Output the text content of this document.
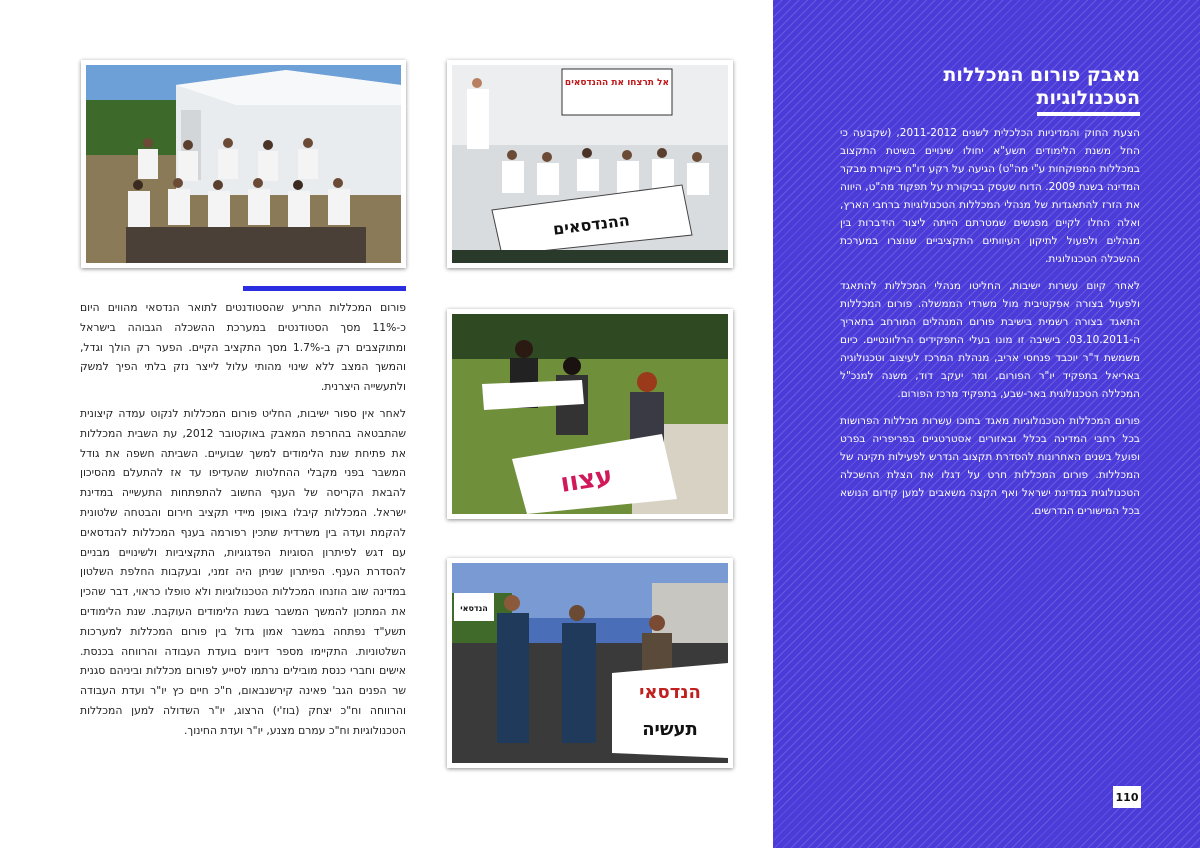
פורום המכללות התריע שהסטודנטים לתואר הנדסאי מהווים היום כ-11% מסך הסטודנטים במערכת ההשכלה הגבוהה בישראל ומתוקצבים רק ב-1.7% מסך התקציב הקיים. הפער רק הולך וגדל, והמשך המצב ללא שינוי מהותי עלול לייצר נזק בלתי הפיך למשק ולתעשייה היצרנית.

לאחר אין ספור ישיבות, החליט פורום המכללות לנקוט עמדה קיצונית שהתבטאה בהחרפת המאבק באוקטובר 2012, עת השבית המכללות את פתיחת שנת הלימודים למשך שבועיים. השביתה חשפה את גודל המשבר בפני מקבלי ההחלטות שהעדיפו עד אז להתעלם מהסיכון להבאת הקריסה של הענף החשוב להתפתחות התעשייה במדינת ישראל. המכללות קיבלו באופן מיידי תקציב חירום והבטחה שלטונית להקמת ועדה בין משרדית שתכין רפורמה בענף המכללות להנדסאים עם דגש לפיתרון הסוגיות הפדגוגיות, התקציביות ולשינויים מבניים להסדרת הענף. הפיתרון שניתן היה זמני, ובעקבות החלפת השלטון במדינה שוב הוזנחו המכללות הטכנולוגיות ולא טופלו כראוי, דבר שהכין את המתכון להמשך המשבר בשנת הלימודים העוקבת. שנת הלימודים תשע"ד נפתחה במשבר אמון גדול בין פורום המכללות למערכות השלטוניות. התקיימו מספר דיונים בועדת העבודה והרווחה בכנסת. אישים וחברי כנסת מובילים נרתמו לסייע לפורום מכללות וביניהם סגנית שר הפנים הגב' פאינה קירשנבאום, ח"כ חיים כץ יו"ר ועדת העבודה והרווחה וח"כ יצחק (בוז'י) הרצוג, יו"ר השדולה למען המכללות הטכנולוגיות וח"כ עמרם מצנע, יו"ר ועדת החינוך.

אל תרצחו את ההנדסאים
ההנדסאים
עצוו
הנדסאי
הנדסאי
תעשיה
מאבק פורום המכללות
הטכנולוגיות

הצעת החוק והמדיניות הכלכלית לשנים 2011-2012, (שקבעה כי החל משנת הלימודים תשע"א יחולו שינויים בשיטת התקצוב במכללות המפוקחות ע"י מה"ט) הגיעה על רקע דו"ח ביקורת מבקר המדינה בשנת 2009. הדוח שעסק בביקורת על תפקוד מה"ט, היווה את הזרז להתאגדות של מנהלי המכללות הטכנולוגיות ברחבי הארץ, ואלה החלו לקיים מפגשים שמטרתם הייתה ליצור הידברות בין מנהלים ולפעול לתיקון העיוותים התקציביים שנוצרו במערכת ההשכלה הטכנולוגית.

לאחר קיום עשרות ישיבות, החליטו מנהלי המכללות להתאגד ולפעול בצורה אפקטיבית מול משרדי הממשלה. פורום המכללות התאגד בצורה רשמית בישיבת פורום המנהלים המורחב בתאריך ה-03.10.2011. בישיבה זו מונו בעלי התפקידים הרלוונטיים. כיום משמשת ד"ר יוכבד פנחסי אריב, מנהלת המרכז לעיצוב וטכנולוגיה באריאל בתפקיד יו"ר הפורום, ומר יעקב דוד, משנה למנכ"ל המכללה הטכנולוגית באר-שבע, בתפקיד מרכז הפורום.

פורום המכללות הטכנולוגיות מאגד בתוכו עשרות מכללות הפרושות בכל רחבי המדינה בכלל ובאזורים אסטרטגיים בפריפריה בפרט ופועל בשנים האחרונות להסדרת תקצוב הנדרש לפעילות תקינה של המכללות. פורום המכללות חרט על דגלו את הצלת ההשכלה הטכנולוגית במדינת ישראל ואף הקצה משאבים למען קידום הנושא בכל המישורים הנדרשים.

110
